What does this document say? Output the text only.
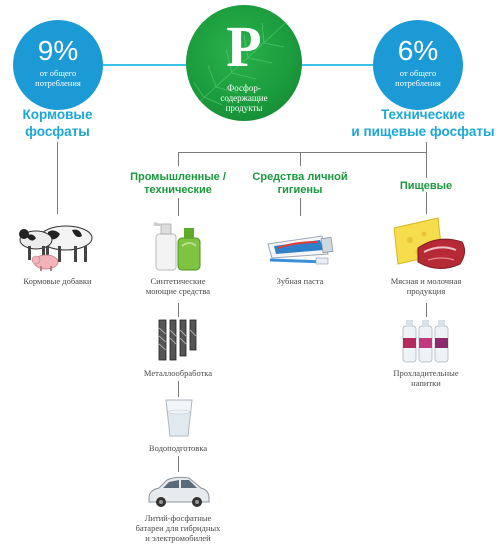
9%
от общего
потребления
6%
от общего
потребления
P
Фосфор-
содержащие
продукты
Кормовые
фосфаты
Технические
и пищевые фосфаты
Промышленные /
технические
Средства личной
гигиены	Пищевые
Кормовые добавки	Синтетические
моющие средства
Зубная паста	Мясная и молочная
продукция
Металлообработка	Прохладительные
напитки
Водоподготовка
Литий-фосфатные
батареи для гибридных
и электромобилей
